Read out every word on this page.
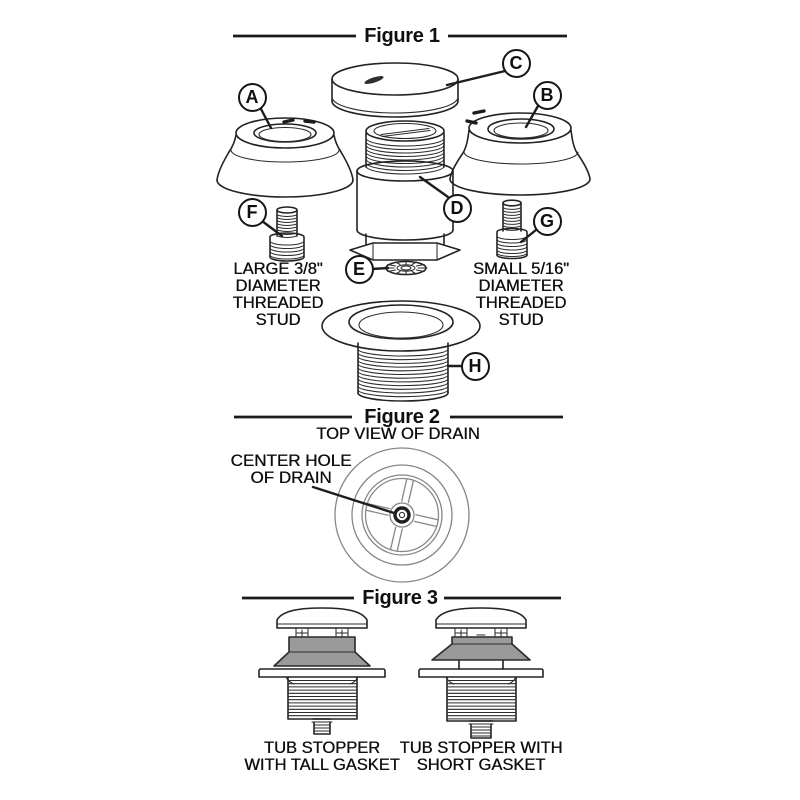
Figure 1
Figure 2
Figure 3
TOP VIEW OF DRAIN
CENTER HOLE
OF DRAIN
A	B
C
D
E
F	G
H
LARGE 3/8"
DIAMETER
THREADED
STUD
SMALL 5/16"
DIAMETER
THREADED
STUD
TUB STOPPER
WITH TALL GASKET
TUB STOPPER WITH
SHORT GASKET
